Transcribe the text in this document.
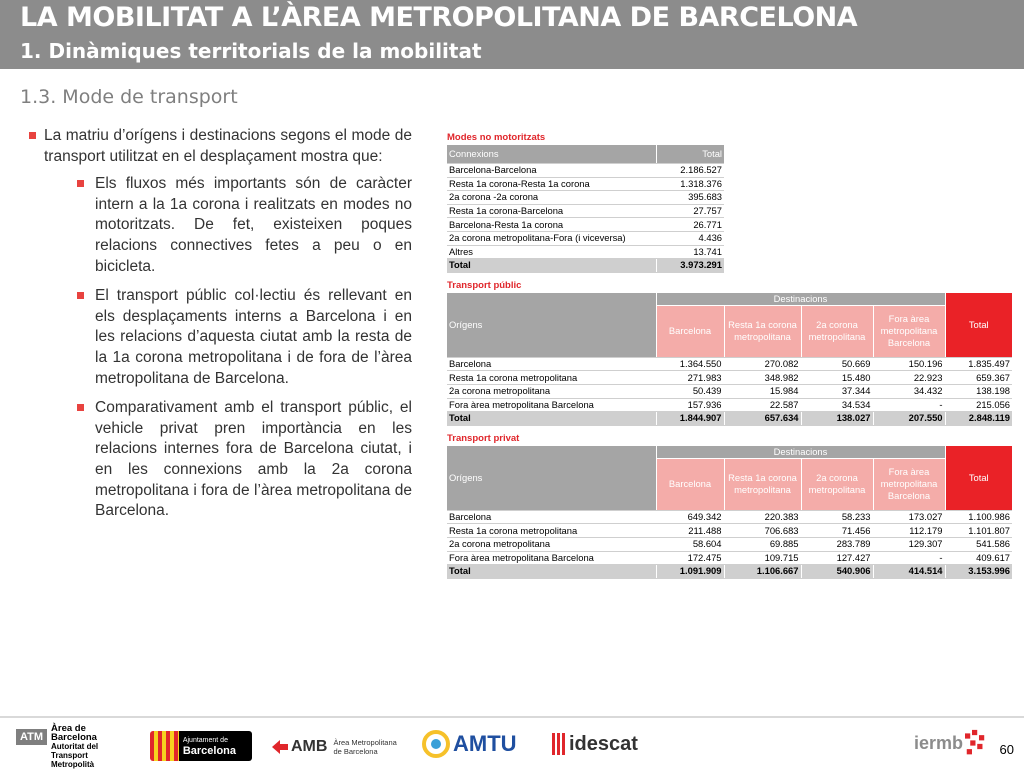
LA MOBILITAT A L’ÀREA METROPOLITANA DE BARCELONA
1. Dinàmiques territorials de la mobilitat
1.3. Mode de transport

La matriu d’orígens i destinacions segons el mode de transport utilitzat en el desplaçament mostra que:

Els fluxos més importants són de caràcter intern a la 1a corona i realitzats en modes no motoritzats. De fet, existeixen poques relacions connectives fetes a peu o en bicicleta.

El transport públic col·lectiu és rellevant en els desplaçaments interns a Barcelona i en les relacions d’aquesta ciutat amb la resta de la 1a corona metropolitana i de fora de l’àrea metropolitana de Barcelona.

Comparativament amb el transport públic, el vehicle privat pren importància en les relacions internes fora de Barcelona ciutat, i en les connexions amb la 2a corona metropolitana i fora de l’àrea metropolitana de Barcelona.

Modes no motoritzats
Connexions	Total
Barcelona-Barcelona	2.186.527
Resta 1a corona-Resta 1a corona	1.318.376
2a corona -2a corona	395.683
Resta 1a corona-Barcelona	27.757
Barcelona-Resta 1a corona	26.771
2a corona metropolitana-Fora (i viceversa)	4.436
Altres	13.741
Total	3.973.291
Transport públic
Orígens	Destinacions				Total
	Barcelona	Resta 1a corona metropolitana	2a corona metropolitana	Fora àrea metropolitana Barcelona	
Barcelona	1.364.550	270.082	50.669	150.196	1.835.497
Resta 1a corona metropolitana	271.983	348.982	15.480	22.923	659.367
2a corona metropolitana	50.439	15.984	37.344	34.432	138.198
Fora àrea metropolitana Barcelona	157.936	22.587	34.534	-	215.056
Total	1.844.907	657.634	138.027	207.550	2.848.119
Transport privat
Orígens	Destinacions				Total
	Barcelona	Resta 1a corona metropolitana	2a corona metropolitana	Fora àrea metropolitana Barcelona	
Barcelona	649.342	220.383	58.233	173.027	1.100.986
Resta 1a corona metropolitana	211.488	706.683	71.456	112.179	1.101.807
2a corona metropolitana	58.604	69.885	283.789	129.307	541.586
Fora àrea metropolitana Barcelona	172.475	109.715	127.427	-	409.617
Total	1.091.909	1.106.667	540.906	414.514	3.153.996
ATM
Àrea de Barcelona
Autoritat del Transport
Metropolità
Ajuntament de
Barcelona	AMB Àrea Metropolitana
de Barcelona	AMTU	idescat	iermb	60
